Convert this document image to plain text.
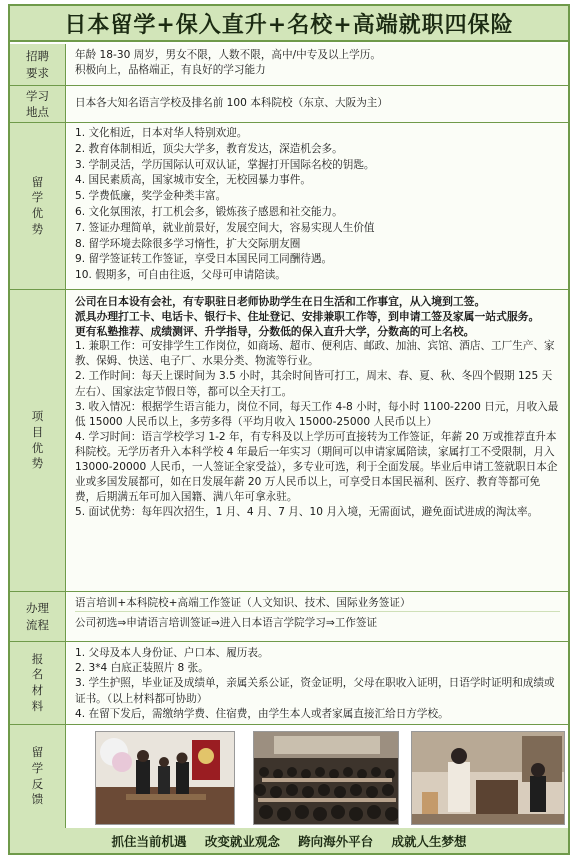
日本留学+保入直升+名校+高端就职四保险
招聘要求

年龄 18-30 周岁，男女不限，人数不限，高中/中专及以上学历。

积极向上，品格端正，有良好的学习能力

学习地点

日本各大知名语言学校及排名前 100 本科院校（东京、大阪为主）

留学优势

1. 文化相近，日本对华人特别欢迎。

2. 教育体制相近，顶尖大学多，教育发达，深造机会多。

3. 学制灵活，学历国际认可双认证，掌握打开国际名校的钥匙。

4. 国民素质高，国家城市安全，无校园暴力事件。

5. 学费低廉，奖学金种类丰富。

6. 文化氛围浓，打工机会多，锻炼孩子感恩和社交能力。

7. 签证办理简单，就业前景好，发展空间大，容易实现人生价值

8. 留学环境去除很多学习惰性，扩大交际朋友圈

9. 留学签证转工作签证，享受日本国民同工同酬待遇。

10. 假期多，可自由往返，父母可申请陪读。

项目优势

公司在日本设有会社，有专职驻日老师协助学生在日生活和工作事宜，从入境到工签。

派具办理打工卡、电话卡、银行卡、住址登记、安排兼职工作等，到申请工签及家属一站式服务。

更有私塾推荐、成绩测评、升学指导，分数低的保入直升大学，分数高的可上名校。

1. 兼职工作：可安排学生工作岗位，如商场、超市、便利店、邮政、加油、宾馆、酒店、工厂生产、家教、保姆、快送、电子厂、水果分类、物流等行业。

2. 工作时间：每天上课时间为 3.5 小时，其余时间皆可打工，周末、春、夏、秋、冬四个假期 125 天左右）、国家法定节假日等，都可以全天打工。

3. 收入情况：根据学生语言能力，岗位不同，每天工作 4-8 小时，每小时 1100-2200 日元，月收入最低 15000 人民币以上，多劳多得（平均月收入 15000-25000 人民币以上）

4. 学习时间：语言学校学习 1-2 年，有专科及以上学历可直接转为工作签证，年薪 20 万或推荐直升本科院校。无学历者升入本科学校 4 年最后一年实习（期间可以申请家属陪读，家属打工不受限制，月入 13000-20000 人民币，一人签证全家受益），多专业可选，利于全面发展。毕业后申请工签就职日本企业或多国发展都可，如在日发展年薪 20 万人民币以上，可享受日本国民福利、医疗、教育等都可免费，后期满五年可加入国籍、满八年可拿永驻。

5. 面试优势：每年四次招生，1 月、4 月、7 月、10 月入境，无需面试，避免面试进成的淘汰率。

办理流程

语言培训+本科院校+高端工作签证（人文知识、技术、国际业务签证）

公司初选⇒申请语言培训签证⇒进入日本语言学院学习⇒工作签证

报名材料

1. 父母及本人身份证、户口本、履历表。

2. 3*4 白底正装照片 8 张。

3. 学生护照，毕业证及成绩单，亲属关系公证，资金证明，父母在职收入证明，日语学时证明和成绩或证书。（以上材料都可协助）

4. 在留下发后，需缴纳学费、住宿费，由学生本人或者家属直接汇给日方学校。

留学反馈
抓住当前机遇 改变就业观念 跨向海外平台 成就人生梦想
